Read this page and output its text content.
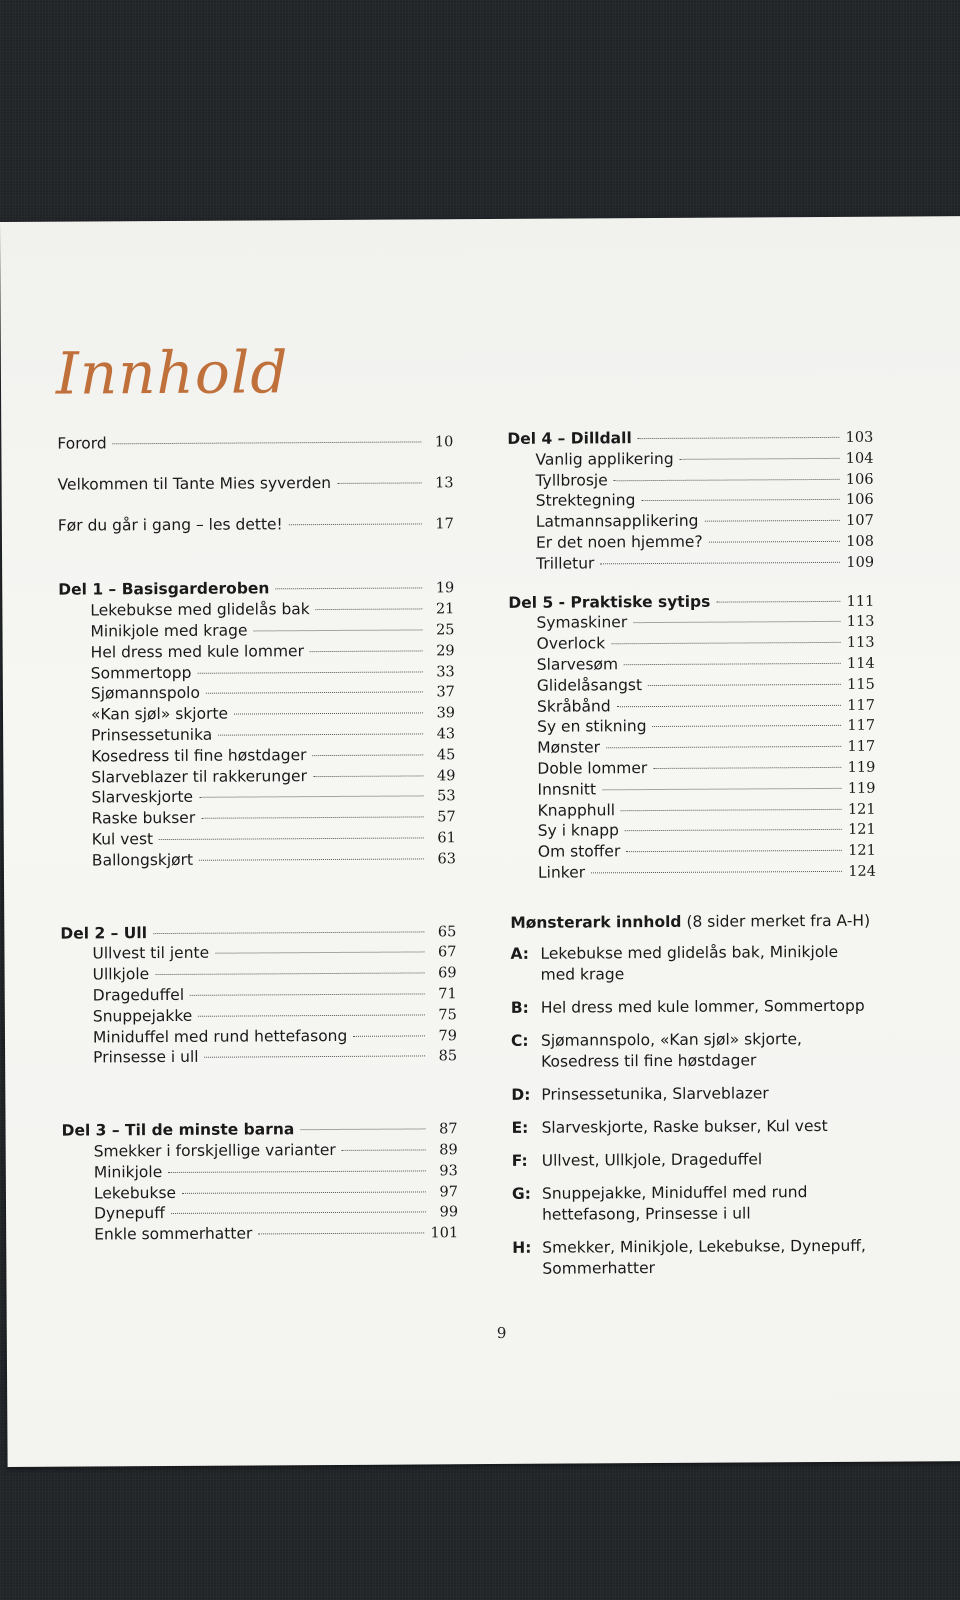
Innhold
Forord	10
Velkommen til Tante Mies syverden	13
Før du går i gang – les dette!	17
Del 1 – Basisgarderoben	19
Lekebukse med glidelås bak	21
Minikjole med krage	25
Hel dress med kule lommer	29
Sommertopp	33
Sjømannspolo	37
«Kan sjøl» skjorte	39
Prinsessetunika	43
Kosedress til fine høstdager	45
Slarveblazer til rakkerunger	49
Slarveskjorte	53
Raske bukser	57
Kul vest	61
Ballongskjørt	63
Del 2 – Ull	65
Ullvest til jente	67
Ullkjole	69
Drageduffel	71
Snuppejakke	75
Miniduffel med rund hettefasong	79
Prinsesse i ull	85
Del 3 – Til de minste barna	87
Smekker i forskjellige varianter	89
Minikjole	93
Lekebukse	97
Dynepuff	99
Enkle sommerhatter	101
Del 4 – Dilldall	103
Vanlig applikering	104
Tyllbrosje	106
Strektegning	106
Latmannsapplikering	107
Er det noen hjemme?	108
Trilletur	109
Del 5 - Praktiske sytips	111
Symaskiner	113
Overlock	113
Slarvesøm	114
Glidelåsangst	115
Skråbånd	117
Sy en stikning	117
Mønster	117
Doble lommer	119
Innsnitt	119
Knapphull	121
Sy i knapp	121
Om stoffer	121
Linker	124
Mønsterark innhold (8 sider merket fra A-H)
A: Lekebukse med glidelås bak, Minikjole med krage
B: Hel dress med kule lommer, Sommertopp
C: Sjømannspolo, «Kan sjøl» skjorte, Kosedress til fine høstdager
D: Prinsessetunika, Slarveblazer
E: Slarveskjorte, Raske bukser, Kul vest
F: Ullvest, Ullkjole, Drageduffel
G: Snuppejakke, Miniduffel med rund hettefasong, Prinsesse i ull
H: Smekker, Minikjole, Lekebukse, Dynepuff, Sommerhatter
9
